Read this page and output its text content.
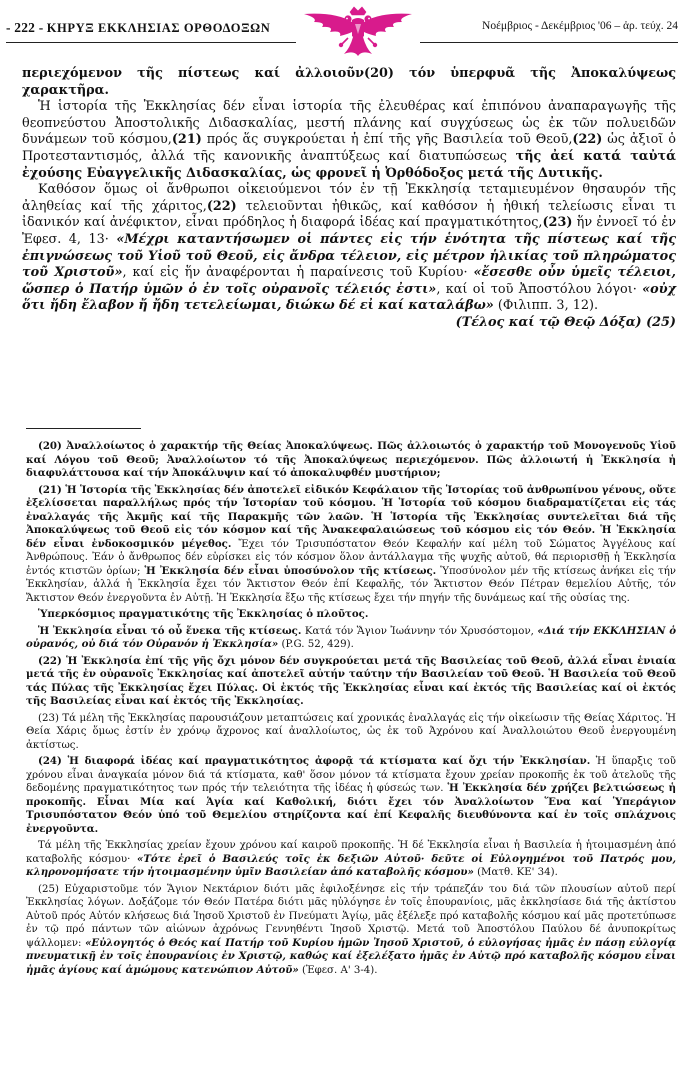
- 222 - ΚΗΡΥΞ ΕΚΚΛΗΣΙΑΣ ΟΡΘΟΔΟΞΩΝ	Νοέμβριος - Δεκέμβριος '06 – ἀρ. τεύχ. 24

περιεχόμενον τῆς πίστεως καί ἀλλοιοῦν(20) τόν ὑπερφυᾶ τῆς Ἀποκαλύψεως χαρακτῆρα.

Ἡ ἱστορία τῆς Ἐκκλησίας δέν εἶναι ἱστορία τῆς ἐλευθέρας καί ἐπιπόνου ἀναπαραγωγῆς τῆς θεοπνεύστου Ἀποστολικῆς Διδασκαλίας, μεστή πλάνης καί συγχύσεως ὡς ἐκ τῶν πολυειδῶν δυνάμεων τοῦ κόσμου,(21) πρός ἅς συγκρούεται ἡ ἐπί τῆς γῆς Βασιλεία τοῦ Θεοῦ,(22) ὡς ἀξιοῖ ὁ Προτεσταντισμός, ἀλλά τῆς κανονικῆς ἀναπτύξεως καί διατυπώσεως τῆς ἀεί κατά ταὐτά ἐχούσης Εὐαγγελικῆς Διδασκαλίας, ὡς φρονεῖ ἡ Ὀρθόδοξος μετά τῆς Δυτικῆς.

Καθόσον ὅμως οἱ ἄνθρωποι οἰκειούμενοι τόν ἐν τῇ Ἐκκλησίᾳ τεταμιευμένον θησαυρόν τῆς ἀληθείας καί τῆς χάριτος,(22) τελειοῦνται ἠθικῶς, καί καθόσον ἡ ἠθική τελείωσις εἶναι τι ἰδανικόν καί ἀνέφικτον, εἶναι πρόδηλος ἡ διαφορά ἰδέας καί πραγματικότητος,(23) ἥν ἐννοεῖ τό ἐν Ἐφεσ. 4, 13· «Μέχρι καταντήσωμεν οἱ πάντες εἰς τήν ἑνότητα τῆς πίστεως καί τῆς ἐπιγνώσεως τοῦ Υἱοῦ τοῦ Θεοῦ, εἰς ἄνδρα τέλειον, εἰς μέτρον ἡλικίας τοῦ πληρώματος τοῦ Χριστοῦ», καί εἰς ἥν ἀναφέρονται ἡ παραίνεσις τοῦ Κυρίου· «ἔσεσθε οὖν ὑμεῖς τέλειοι, ὥσπερ ὁ Πατήρ ὑμῶν ὁ ἐν τοῖς οὐρανοῖς τέλειός ἐστι», καί οἱ τοῦ Ἀποστόλου λόγοι· «οὐχ ὅτι ἤδη ἔλαβον ἤ ἤδη τετελείωμαι, διώκω δέ εἰ καί καταλάβω» (Φιλιππ. 3, 12).

(Τέλος καί τῷ Θεῷ Δόξα) (25)

(20) Ἀναλλοίωτος ὁ χαρακτήρ τῆς Θείας Ἀποκαλύψεως. Πῶς ἀλλοιωτός ὁ χαρακτήρ τοῦ Μονογενοῦς Υἱοῦ καί Λόγου τοῦ Θεοῦ; Ἀναλλοίωτον τό τῆς Ἀποκαλύψεως περιεχόμενον. Πῶς ἀλλοιωτή ἡ Ἐκκλησία ἡ διαφυλάττουσα καί τήν Ἀποκάλυψιν καί τό ἀποκαλυφθέν μυστήριον;

(21) Ἡ Ἱστορία τῆς Ἐκκλησίας δέν ἀποτελεῖ εἰδικόν Κεφάλαιον τῆς Ἱστορίας τοῦ ἀνθρωπίνου γένους, οὔτε ἐξελίσσεται παραλλήλως πρός τήν Ἱστορίαν τοῦ κόσμου. Ἡ Ἱστορία τοῦ κόσμου διαδραματίζεται εἰς τάς ἐναλλαγάς τῆς Ἀκμῆς καί τῆς Παρακμῆς τῶν λαῶν. Ἡ Ἱστορία τῆς Ἐκκλησίας συντελεῖται διά τῆς Ἀποκαλύψεως τοῦ Θεοῦ εἰς τόν κόσμον καί τῆς Ἀνακεφαλαιώσεως τοῦ κόσμου εἰς τόν Θεόν. Ἡ Ἐκκλησία δέν εἶναι ἐνδοκοσμικόν μέγεθος. Ἔχει τόν Τρισυπόστατον Θεόν Κεφαλήν καί μέλη τοῦ Σώματος Ἀγγέλους καί Ἀνθρώπους. Ἐάν ὁ ἄνθρωπος δέν εὑρίσκει εἰς τόν κόσμον ὅλον ἀντάλλαγμα τῆς ψυχῆς αὐτοῦ, θά περιορισθῇ ἡ Ἐκκλησία ἐντός κτιστῶν ὁρίων; Ἡ Ἐκκλησία δέν εἶναι ὑποσύνολον τῆς κτίσεως. Ὑποσύνολον μέν τῆς κτίσεως ἀνήκει εἰς τήν Ἐκκλησίαν, ἀλλά ἡ Ἐκκλησία ἔχει τόν Ἄκτιστον Θεόν ἐπί Κεφαλῆς, τόν Ἄκτιστον Θεόν Πέτραν θεμελίου Αὐτῆς, τόν Ἄκτιστον Θεόν ἐνεργοῦντα ἐν Αὐτῇ. Ἡ Ἐκκλησία ἔξω τῆς κτίσεως ἔχει τήν πηγήν τῆς δυνάμεως καί τῆς οὐσίας της.

Ὑπερκόσμιος πραγματικότης τῆς Ἐκκλησίας ὁ πλοῦτος.

Ἡ Ἐκκλησία εἶναι τό οὗ ἕνεκα τῆς κτίσεως. Κατά τόν Ἅγιον Ἰωάννην τόν Χρυσόστομον, «Διά τήν ΕΚΚΛΗΣΙΑΝ ὁ οὐρανός, οὐ διά τόν Οὐρανόν ἡ Ἐκκλησία» (P.G. 52, 429).

(22) Ἡ Ἐκκλησία ἐπί τῆς γῆς ὄχι μόνον δέν συγκρούεται μετά τῆς Βασιλείας τοῦ Θεοῦ, ἀλλά εἶναι ἑνιαία μετά τῆς ἐν οὐρανοῖς Ἐκκλησίας καί ἀποτελεῖ αὐτήν ταύτην τήν Βασιλείαν τοῦ Θεοῦ. Ἡ Βασιλεία τοῦ Θεοῦ τάς Πύλας τῆς Ἐκκλησίας ἔχει Πύλας. Οἱ ἐκτός τῆς Ἐκκλησίας εἶναι καί ἐκτός τῆς Βασιλείας καί οἱ ἐκτός τῆς Βασιλείας εἶναι καί ἐκτός τῆς Ἐκκλησίας.

(23) Τά μέλη τῆς Ἐκκλησίας παρουσιάζουν μεταπτώσεις καί χρονικάς ἐναλλαγάς εἰς τήν οἰκείωσιν τῆς Θείας Χάριτος. Ἡ Θεία Χάρις ὅμως ἐστίν ἐν χρόνῳ ἄχρονος καί ἀναλλοίωτος, ὡς ἐκ τοῦ Ἀχρόνου καί Ἀναλλοιώτου Θεοῦ ἐνεργουμένη ἀκτίστως.

(24) Ἡ διαφορά ἰδέας καί πραγματικότητος ἀφορᾷ τά κτίσματα καί ὄχι τήν Ἐκκλησίαν. Ἡ ὕπαρξις τοῦ χρόνου εἶναι ἀναγκαία μόνον διά τά κτίσματα, καθ' ὅσον μόνον τά κτίσματα ἔχουν χρείαν προκοπῆς ἐκ τοῦ ἀτελοῦς τῆς δεδομένης πραγματικότητος των πρός τήν τελειότητα τῆς ἰδέας ἡ φύσεώς των. Ἡ Ἐκκλησία δέν χρήζει βελτιώσεως ἡ προκοπῆς. Εἶναι Μία καί Ἁγία καί Καθολική, διότι ἔχει τόν Ἀναλλοίωτον Ἕνα καί Ὑπεράγιον Τρισυπόστατον Θεόν ὑπό τοῦ Θεμελίου στηρίζοντα καί ἐπί Κεφαλῆς διευθύνοντα καί ἐν τοῖς σπλάχνοις ἐνεργοῦντα.

Τά μέλη τῆς Ἐκκλησίας χρείαν ἔχουν χρόνου καί καιροῦ προκοπῆς. Ἡ δέ Ἐκκλησία εἶναι ἡ Βασιλεία ἡ ἡτοιμασμένη ἀπό καταβολῆς κόσμου· «Τότε ἐρεῖ ὁ Βασιλεύς τοῖς ἐκ δεξιῶν Αὐτοῦ· δεῦτε οἱ Εὐλογημένοι τοῦ Πατρός μου, κληρονομήσατε τήν ἡτοιμασμένην ὑμῖν Βασιλείαν ἀπό καταβολῆς κόσμου» (Ματθ. ΚΕ' 34).

(25) Εὐχαριστοῦμε τόν Ἅγιον Νεκτάριον διότι μᾶς ἐφιλοξένησε εἰς τήν τράπεζάν του διά τῶν πλουσίων αὐτοῦ περί Ἐκκλησίας λόγων. Δοξάζομε τόν Θεόν Πατέρα διότι μᾶς ηὐλόγησε ἐν τοῖς ἐπουρανίοις, μᾶς ἐκκλησίασε διά τῆς ἀκτίστου Αὐτοῦ πρός Αὐτόν κλήσεως διά Ἰησοῦ Χριστοῦ ἐν Πνεύματι Ἁγίῳ, μᾶς ἐξέλεξε πρό καταβολῆς κόσμου καί μᾶς προτετύπωσε ἐν τῷ πρό πάντων τῶν αἰώνων ἀχρόνως Γεννηθέντι Ἰησοῦ Χριστῷ. Μετά τοῦ Ἀποστόλου Παύλου δέ ἀνυποκρίτως ψάλλομεν: «Εὐλογητός ὁ Θεός καί Πατήρ τοῦ Κυρίου ἡμῶν Ἰησοῦ Χριστοῦ, ὁ εὐλογήσας ἡμᾶς ἐν πάσῃ εὐλογίᾳ πνευματικῇ ἐν τοῖς ἐπουρανίοις ἐν Χριστῷ, καθώς καί ἐξελέξατο ἡμᾶς ἐν Αὐτῷ πρό καταβολῆς κόσμου εἶναι ἡμᾶς ἁγίους καί ἀμώμους κατενώπιον Αὐτοῦ» (Ἐφεσ. Α' 3-4).
